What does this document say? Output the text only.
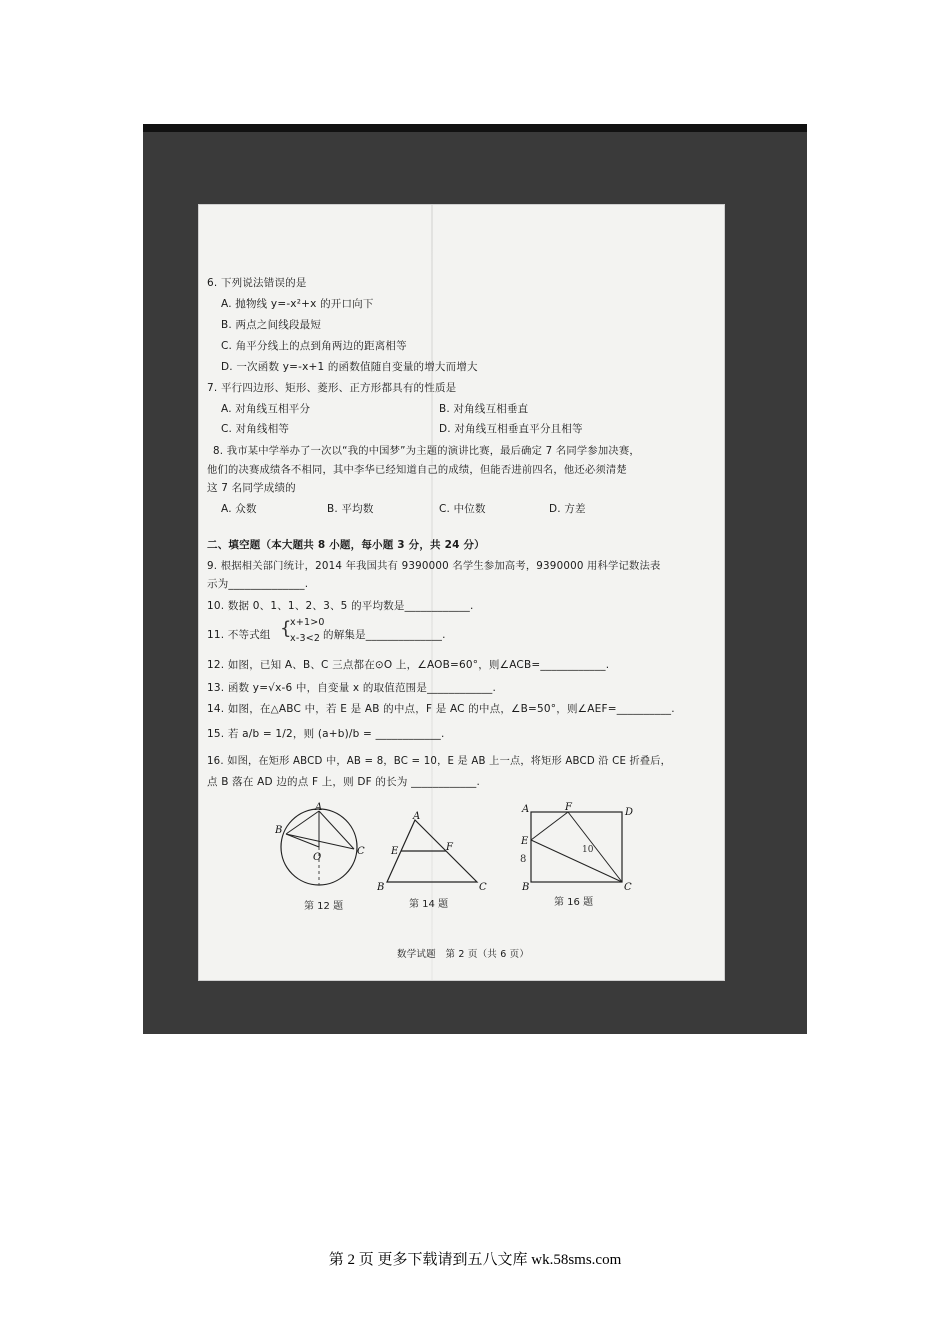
6. 下列说法错误的是
A. 抛物线 y=-x²+x 的开口向下
B. 两点之间线段最短
C. 角平分线上的点到角两边的距离相等
D. 一次函数 y=-x+1 的函数值随自变量的增大而增大
7. 平行四边形、矩形、菱形、正方形都具有的性质是
A. 对角线互相平分	B. 对角线互相垂直
C. 对角线相等	D. 对角线互相垂直平分且相等
8. 我市某中学举办了一次以“我的中国梦”为主题的演讲比赛，最后确定 7 名同学参加决赛，
他们的决赛成绩各不相同，其中李华已经知道自己的成绩，但能否进前四名，他还必须清楚
这 7 名同学成绩的
A. 众数	B. 平均数	C. 中位数	D. 方差
二、填空题（本大题共 8 小题，每小题 3 分，共 24 分）
9. 根据相关部门统计，2014 年我国共有 9390000 名学生参加高考，9390000 用科学记数法表
示为______________.
10. 数据 0、1、1、2、3、5 的平均数是____________.
11. 不等式组 {
x+1>0
x-3<2 的解集是______________.
12. 如图，已知 A、B、C 三点都在⊙O 上，∠AOB=60°，则∠ACB=____________.
13. 函数 y=√x-6 中，自变量 x 的取值范围是____________.
14. 如图，在△ABC 中，若 E 是 AB 的中点，F 是 AC 的中点，∠B=50°，则∠AEF=__________.
15. 若 a/b = 1/2，则 (a+b)/b = ____________.
16. 如图，在矩形 ABCD 中，AB = 8，BC = 10，E 是 AB 上一点，将矩形 ABCD 沿 CE 折叠后，
点 B 落在 AD 边的点 F 上，则 DF 的长为 ____________.
A
B
C
O
第 12 题
A
B	C
E	F
第 14 题
A
B	C
D
E
F
8
10
第 16 题
数学试题　第 2 页（共 6 页）
第 2 页 更多下载请到五八文库 wk.58sms.com
